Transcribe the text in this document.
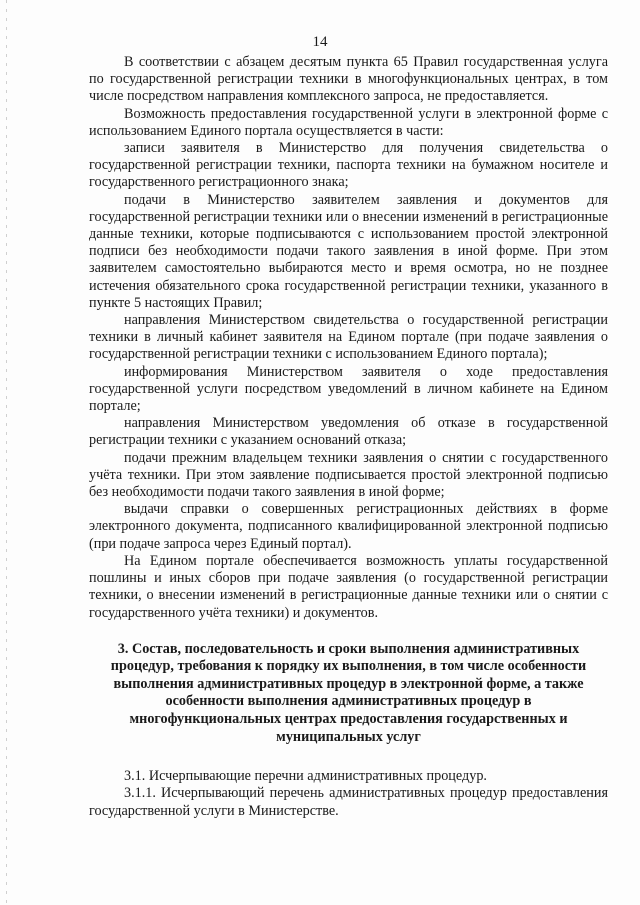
14

В соответствии с абзацем десятым пункта 65 Правил государственная услуга по государственной регистрации техники в многофункциональных центрах, в том числе посредством направления комплексного запроса, не предоставляется.

Возможность предоставления государственной услуги в электронной форме с использованием Единого портала осуществляется в части:

записи заявителя в Министерство для получения свидетельства о государственной регистрации техники, паспорта техники на бумажном носителе и государственного регистрационного знака;

подачи в Министерство заявителем заявления и документов для государственной регистрации техники или о внесении изменений в регистрационные данные техники, которые подписываются с использованием простой электронной подписи без необходимости подачи такого заявления в иной форме. При этом заявителем самостоятельно выбираются место и время осмотра, но не позднее истечения обязательного срока государственной регистрации техники, указанного в пункте 5 настоящих Правил;

направления Министерством свидетельства о государственной регистрации техники в личный кабинет заявителя на Едином портале (при подаче заявления о государственной регистрации техники с использованием Единого портала);

информирования Министерством заявителя о ходе предоставления государственной услуги посредством уведомлений в личном кабинете на Едином портале;

направления Министерством уведомления об отказе в государственной регистрации техники с указанием оснований отказа;

подачи прежним владельцем техники заявления о снятии с государственного учёта техники. При этом заявление подписывается простой электронной подписью без необходимости подачи такого заявления в иной форме;

выдачи справки о совершенных регистрационных действиях в форме электронного документа, подписанного квалифицированной электронной подписью (при подаче запроса через Единый портал).

На Едином портале обеспечивается возможность уплаты государственной пошлины и иных сборов при подаче заявления (о государственной регистрации техники, о внесении изменений в регистрационные данные техники или о снятии с государственного учёта техники) и документов.

3. Состав, последовательность и сроки выполнения административных процедур, требования к порядку их выполнения, в том числе особенности выполнения административных процедур в электронной форме, а также особенности выполнения административных процедур в многофункциональных центрах предоставления государственных и муниципальных услуг

3.1. Исчерпывающие перечни административных процедур.

3.1.1. Исчерпывающий перечень административных процедур предоставления государственной услуги в Министерстве.
